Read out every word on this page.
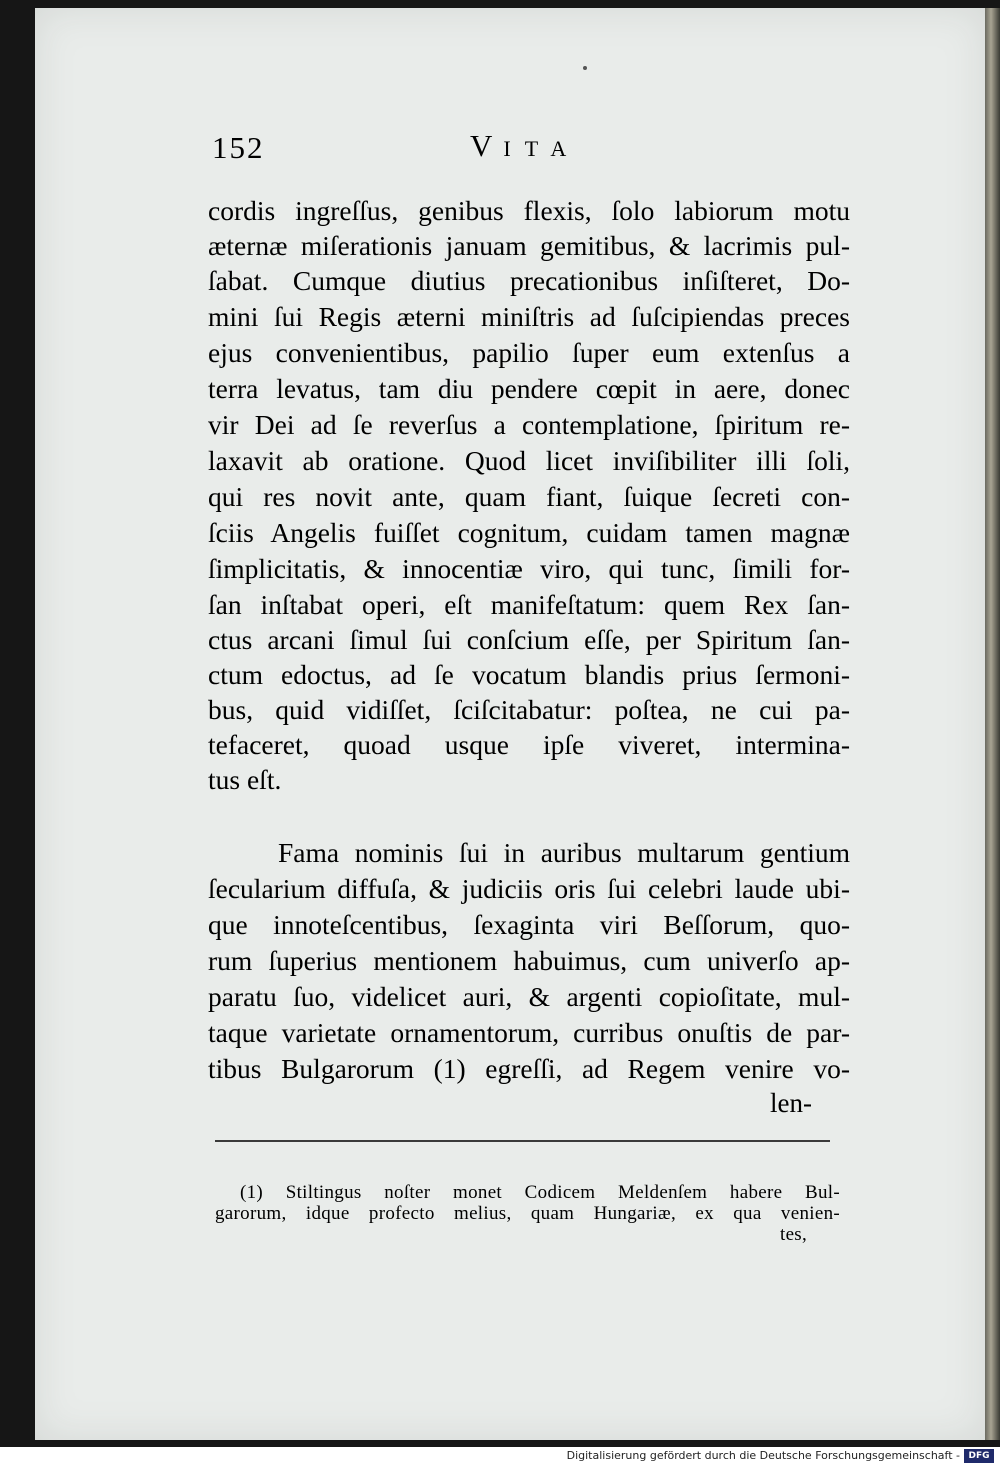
152	VITA

cordis ingreſſus, genibus flexis, ſolo labiorum motu

æternæ miſerationis januam gemitibus, & lacrimis pul-

ſabat. Cumque diutius precationibus inſiſteret, Do-

mini ſui Regis æterni miniſtris ad ſuſcipiendas preces

ejus convenientibus, papilio ſuper eum extenſus a

terra levatus, tam diu pendere cœpit in aere, donec

vir Dei ad ſe reverſus a contemplatione, ſpiritum re-

laxavit ab oratione. Quod licet inviſibiliter illi ſoli,

qui res novit ante, quam fiant, ſuique ſecreti con-

ſciis Angelis fuiſſet cognitum, cuidam tamen magnæ

ſimplicitatis, & innocentiæ viro, qui tunc, ſimili for-

ſan inſtabat operi, eſt manifeſtatum: quem Rex ſan-

ctus arcani ſimul ſui conſcium eſſe, per Spiritum ſan-

ctum edoctus, ad ſe vocatum blandis prius ſermoni-

bus, quid vidiſſet, ſciſcitabatur: poſtea, ne cui pa-

tefaceret, quoad usque ipſe viveret, intermina-

tus eſt.

Fama nominis ſui in auribus multarum gentium

ſecularium diffuſa, & judiciis oris ſui celebri laude ubi-

que innoteſcentibus, ſexaginta viri Beſſorum, quo-

rum ſuperius mentionem habuimus, cum univerſo ap-

paratu ſuo, videlicet auri, & argenti copioſitate, mul-

taque varietate ornamentorum, curribus onuſtis de par-

tibus Bulgarorum (1) egreſſi, ad Regem venire vo-

len-

(1) Stiltingus noſter monet Codicem Meldenſem habere Bul-

garorum, idque profecto melius, quam Hungariæ, ex qua venien-

tes,
Digitalisierung gefördert durch die Deutsche Forschungsgemeinschaft - DFG
